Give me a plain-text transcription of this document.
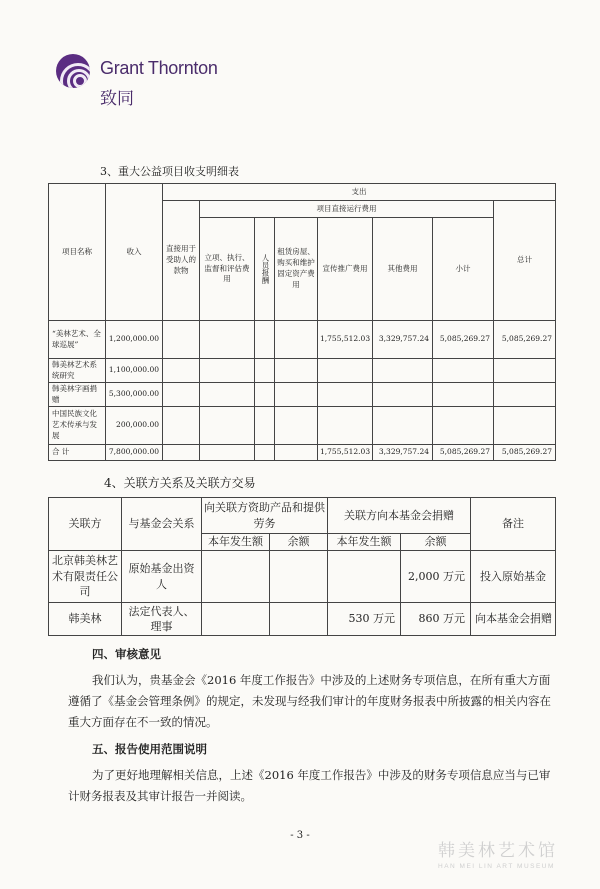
Grant Thornton
致同
3、重大公益项目收支明细表
项目名称	收入	支出							
		直接用于受助人的款物	项目直接运行费用						总计
			立项、执行、监督和评估费用	人员报酬	租赁房屋、购买和维护固定资产费用	宣传推广费用	其他费用	小计	
“美林艺术、全球巡展”	1,200,000.00					1,755,512.03	3,329,757.24	5,085,269.27	5,085,269.27
韩美林艺术系统研究	1,100,000.00								
韩美林字画捐赠	5,300,000.00								
中国民族文化艺术传承与发展	200,000.00								
合 计	7,800,000.00					1,755,512.03	3,329,757.24	5,085,269.27	5,085,269.27
4、关联方关系及关联方交易
关联方	与基金会关系	向关联方资助产品和提供劳务		关联方向本基金会捐赠		备注
		本年发生额	余额	本年发生额	余额	
北京韩美林艺术有限责任公司	原始基金出资人				2,000 万元	投入原始基金
韩美林	法定代表人、理事			530 万元	860 万元	向本基金会捐赠
四、审核意见
我们认为，贵基金会《2016 年度工作报告》中涉及的上述财务专项信息，在所有重大方面遵循了《基金会管理条例》的规定，未发现与经我们审计的年度财务报表中所披露的相关内容在重大方面存在不一致的情况。
五、报告使用范围说明
为了更好地理解相关信息，上述《2016 年度工作报告》中涉及的财务专项信息应当与已审计财务报表及其审计报告一并阅读。
- 3 -
韩美林艺术馆
HAN MEI LIN ART MUSEUM
